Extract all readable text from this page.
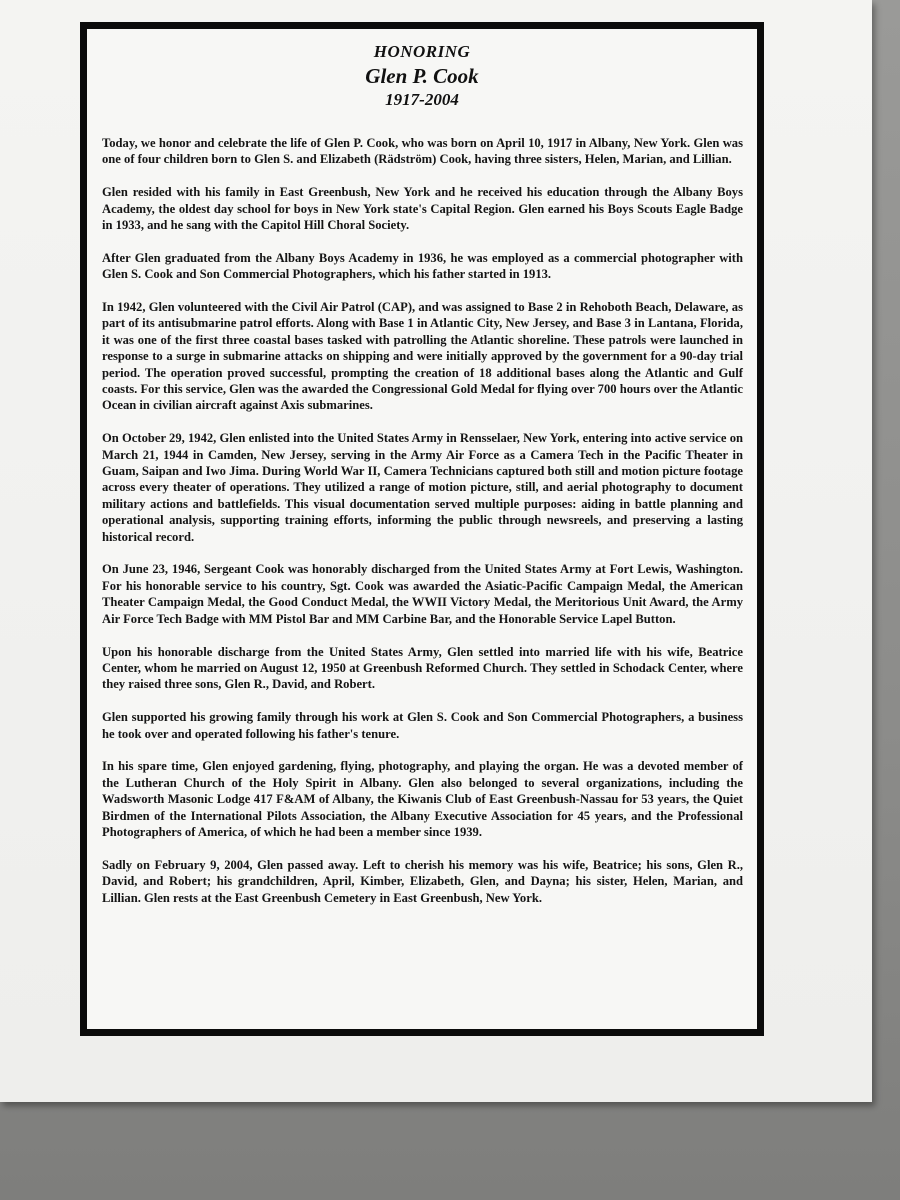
HONORING
Glen P. Cook
1917-2004

Today, we honor and celebrate the life of Glen P. Cook, who was born on April 10, 1917 in Albany, New York. Glen was one of four children born to Glen S. and Elizabeth (Rädström) Cook, having three sisters, Helen, Marian, and Lillian.

Glen resided with his family in East Greenbush, New York and he received his education through the Albany Boys Academy, the oldest day school for boys in New York state's Capital Region. Glen earned his Boys Scouts Eagle Badge in 1933, and he sang with the Capitol Hill Choral Society.

After Glen graduated from the Albany Boys Academy in 1936, he was employed as a commercial photographer with Glen S. Cook and Son Commercial Photographers, which his father started in 1913.

In 1942, Glen volunteered with the Civil Air Patrol (CAP), and was assigned to Base 2 in Rehoboth Beach, Delaware, as part of its antisubmarine patrol efforts. Along with Base 1 in Atlantic City, New Jersey, and Base 3 in Lantana, Florida, it was one of the first three coastal bases tasked with patrolling the Atlantic shoreline. These patrols were launched in response to a surge in submarine attacks on shipping and were initially approved by the government for a 90-day trial period. The operation proved successful, prompting the creation of 18 additional bases along the Atlantic and Gulf coasts. For this service, Glen was the awarded the Congressional Gold Medal for flying over 700 hours over the Atlantic Ocean in civilian aircraft against Axis submarines.

On October 29, 1942, Glen enlisted into the United States Army in Rensselaer, New York, entering into active service on March 21, 1944 in Camden, New Jersey, serving in the Army Air Force as a Camera Tech in the Pacific Theater in Guam, Saipan and Iwo Jima. During World War II, Camera Technicians captured both still and motion picture footage across every theater of operations. They utilized a range of motion picture, still, and aerial photography to document military actions and battlefields. This visual documentation served multiple purposes: aiding in battle planning and operational analysis, supporting training efforts, informing the public through newsreels, and preserving a lasting historical record.

On June 23, 1946, Sergeant Cook was honorably discharged from the United States Army at Fort Lewis, Washington. For his honorable service to his country, Sgt. Cook was awarded the Asiatic-Pacific Campaign Medal, the American Theater Campaign Medal, the Good Conduct Medal, the WWII Victory Medal, the Meritorious Unit Award, the Army Air Force Tech Badge with MM Pistol Bar and MM Carbine Bar, and the Honorable Service Lapel Button.

Upon his honorable discharge from the United States Army, Glen settled into married life with his wife, Beatrice Center, whom he married on August 12, 1950 at Greenbush Reformed Church. They settled in Schodack Center, where they raised three sons, Glen R., David, and Robert.

Glen supported his growing family through his work at Glen S. Cook and Son Commercial Photographers, a business he took over and operated following his father's tenure.

In his spare time, Glen enjoyed gardening, flying, photography, and playing the organ. He was a devoted member of the Lutheran Church of the Holy Spirit in Albany. Glen also belonged to several organizations, including the Wadsworth Masonic Lodge 417 F&AM of Albany, the Kiwanis Club of East Greenbush-Nassau for 53 years, the Quiet Birdmen of the International Pilots Association, the Albany Executive Association for 45 years, and the Professional Photographers of America, of which he had been a member since 1939.

Sadly on February 9, 2004, Glen passed away. Left to cherish his memory was his wife, Beatrice; his sons, Glen R., David, and Robert; his grandchildren, April, Kimber, Elizabeth, Glen, and Dayna; his sister, Helen, Marian, and Lillian. Glen rests at the East Greenbush Cemetery in East Greenbush, New York.
